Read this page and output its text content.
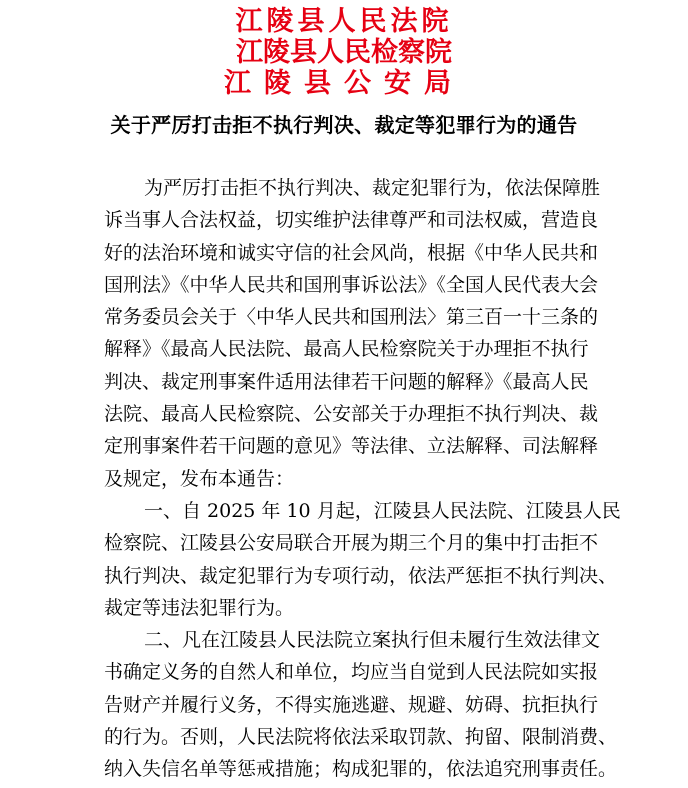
江陵县人民法院
江陵县人民检察院
江陵县公安局
关于严厉打击拒不执行判决、裁定等犯罪行为的通告
为严厉打击拒不执行判决、裁定犯罪行为，依法保障胜
诉当事人合法权益，切实维护法律尊严和司法权威，营造良
好的法治环境和诚实守信的社会风尚，根据《中华人民共和
国刑法》《中华人民共和国刑事诉讼法》《全国人民代表大会
常务委员会关于〈中华人民共和国刑法〉第三百一十三条的
解释》《最高人民法院、最高人民检察院关于办理拒不执行
判决、裁定刑事案件适用法律若干问题的解释》《最高人民
法院、最高人民检察院、公安部关于办理拒不执行判决、裁
定刑事案件若干问题的意见》等法律、立法解释、司法解释
及规定，发布本通告：
一、自 2025 年 10 月起，江陵县人民法院、江陵县人民
检察院、江陵县公安局联合开展为期三个月的集中打击拒不
执行判决、裁定犯罪行为专项行动，依法严惩拒不执行判决、
裁定等违法犯罪行为。
二、凡在江陵县人民法院立案执行但未履行生效法律文
书确定义务的自然人和单位，均应当自觉到人民法院如实报
告财产并履行义务，不得实施逃避、规避、妨碍、抗拒执行
的行为。否则，人民法院将依法采取罚款、拘留、限制消费、
纳入失信名单等惩戒措施；构成犯罪的，依法追究刑事责任。
